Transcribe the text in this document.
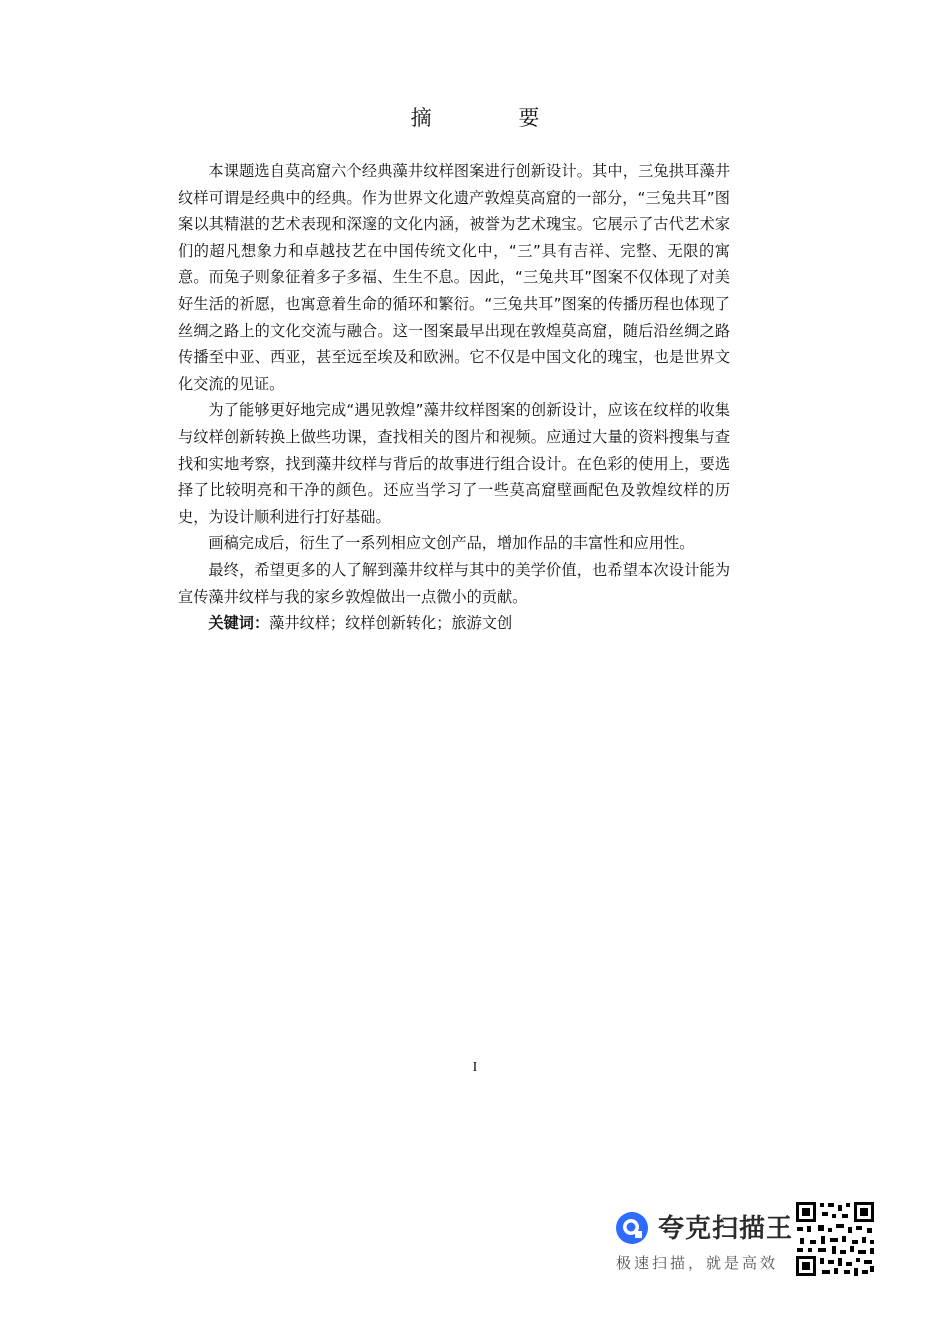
摘 要

本课题选自莫高窟六个经典藻井纹样图案进行创新设计。其中，三兔拱耳藻井纹样可谓是经典中的经典。作为世界文化遗产敦煌莫高窟的一部分，“三兔共耳”图案以其精湛的艺术表现和深邃的文化内涵，被誉为艺术瑰宝。它展示了古代艺术家们的超凡想象力和卓越技艺在中国传统文化中，“三”具有吉祥、完整、无限的寓意。而兔子则象征着多子多福、生生不息。因此，“三兔共耳”图案不仅体现了对美好生活的祈愿，也寓意着生命的循环和繁衍。“三兔共耳”图案的传播历程也体现了丝绸之路上的文化交流与融合。这一图案最早出现在敦煌莫高窟，随后沿丝绸之路传播至中亚、西亚，甚至远至埃及和欧洲。它不仅是中国文化的瑰宝，也是世界文化交流的见证。

为了能够更好地完成“遇见敦煌”藻井纹样图案的创新设计，应该在纹样的收集与纹样创新转换上做些功课，查找相关的图片和视频。应通过大量的资料搜集与查找和实地考察，找到藻井纹样与背后的故事进行组合设计。在色彩的使用上，要选择了比较明亮和干净的颜色。还应当学习了一些莫高窟壁画配色及敦煌纹样的历史，为设计顺利进行打好基础。

画稿完成后，衍生了一系列相应文创产品，增加作品的丰富性和应用性。

最终，希望更多的人了解到藻井纹样与其中的美学价值，也希望本次设计能为宣传藻井纹样与我的家乡敦煌做出一点微小的贡献。

关键词：藻井纹样；纹样创新转化；旅游文创

I
夸克扫描王
极速扫描，就是高效
